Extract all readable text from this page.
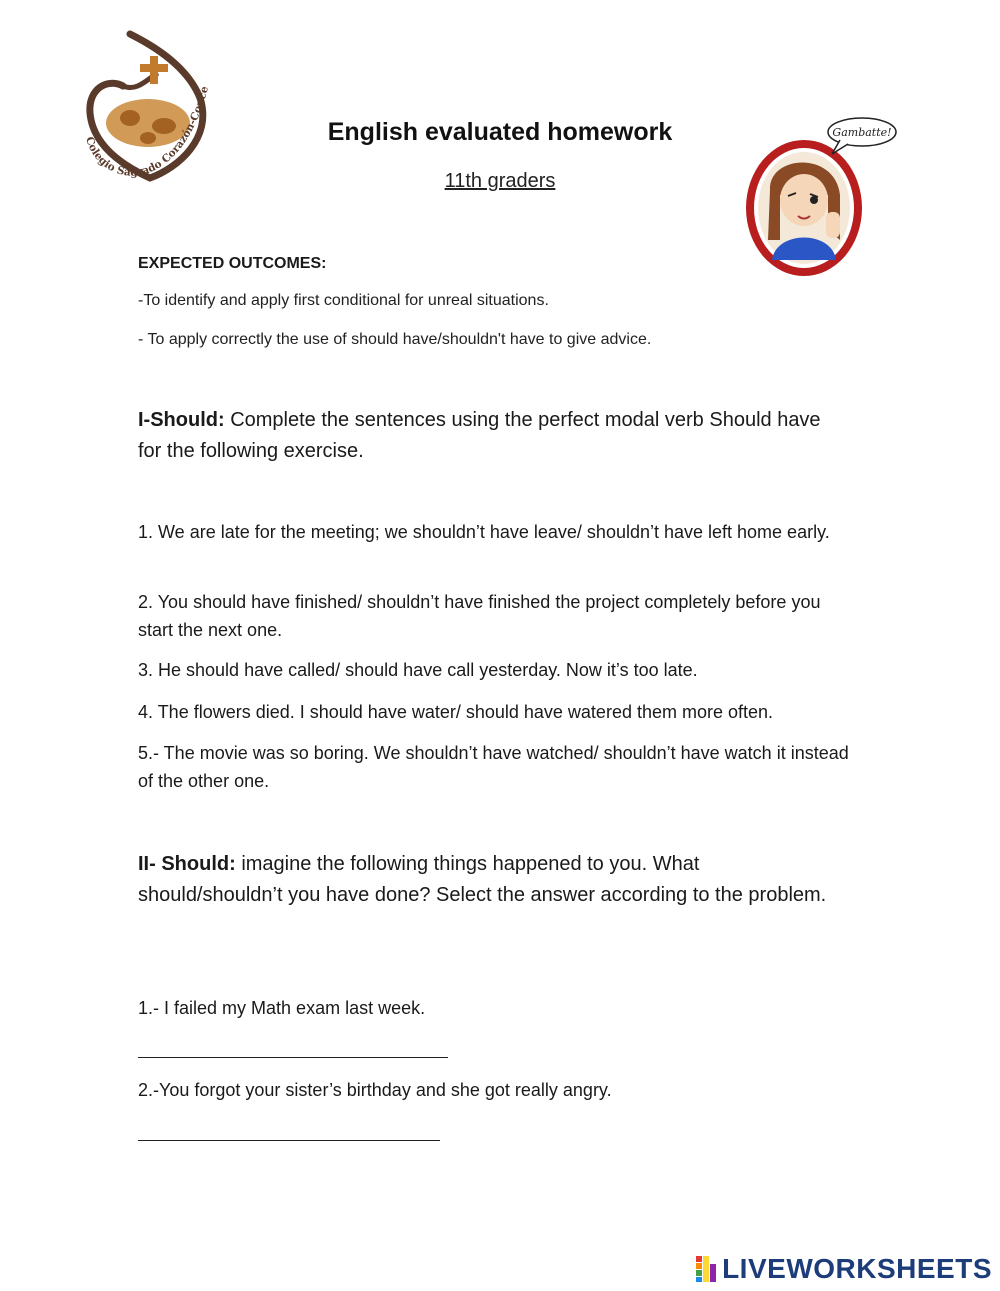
Colegio Sagrado Corazón-Conce
English evaluated homework
11th graders
Gambatte!
EXPECTED OUTCOMES:
-To identify and apply first conditional for unreal situations.
- To apply correctly the use of should have/shouldn't have to give advice.
I-Should: Complete the sentences using the perfect modal verb Should have for the following exercise.
1. We are late for the meeting; we shouldn’t have leave/ shouldn’t have left home early.
2. You should have finished/ shouldn’t have finished the project completely before you start the next one.
3. He should have called/ should have call yesterday. Now it’s too late.
4. The flowers died. I should have water/ should have watered them more often.
5.- The movie was so boring. We shouldn’t have watched/ shouldn’t have watch it instead of the other one.
II- Should: imagine the following things happened to you. What should/shouldn’t you have done? Select the answer according to the problem.
1.- I failed my Math exam last week.
2.-You forgot your sister’s birthday and she got really angry.
LIVEWORKSHEETS
